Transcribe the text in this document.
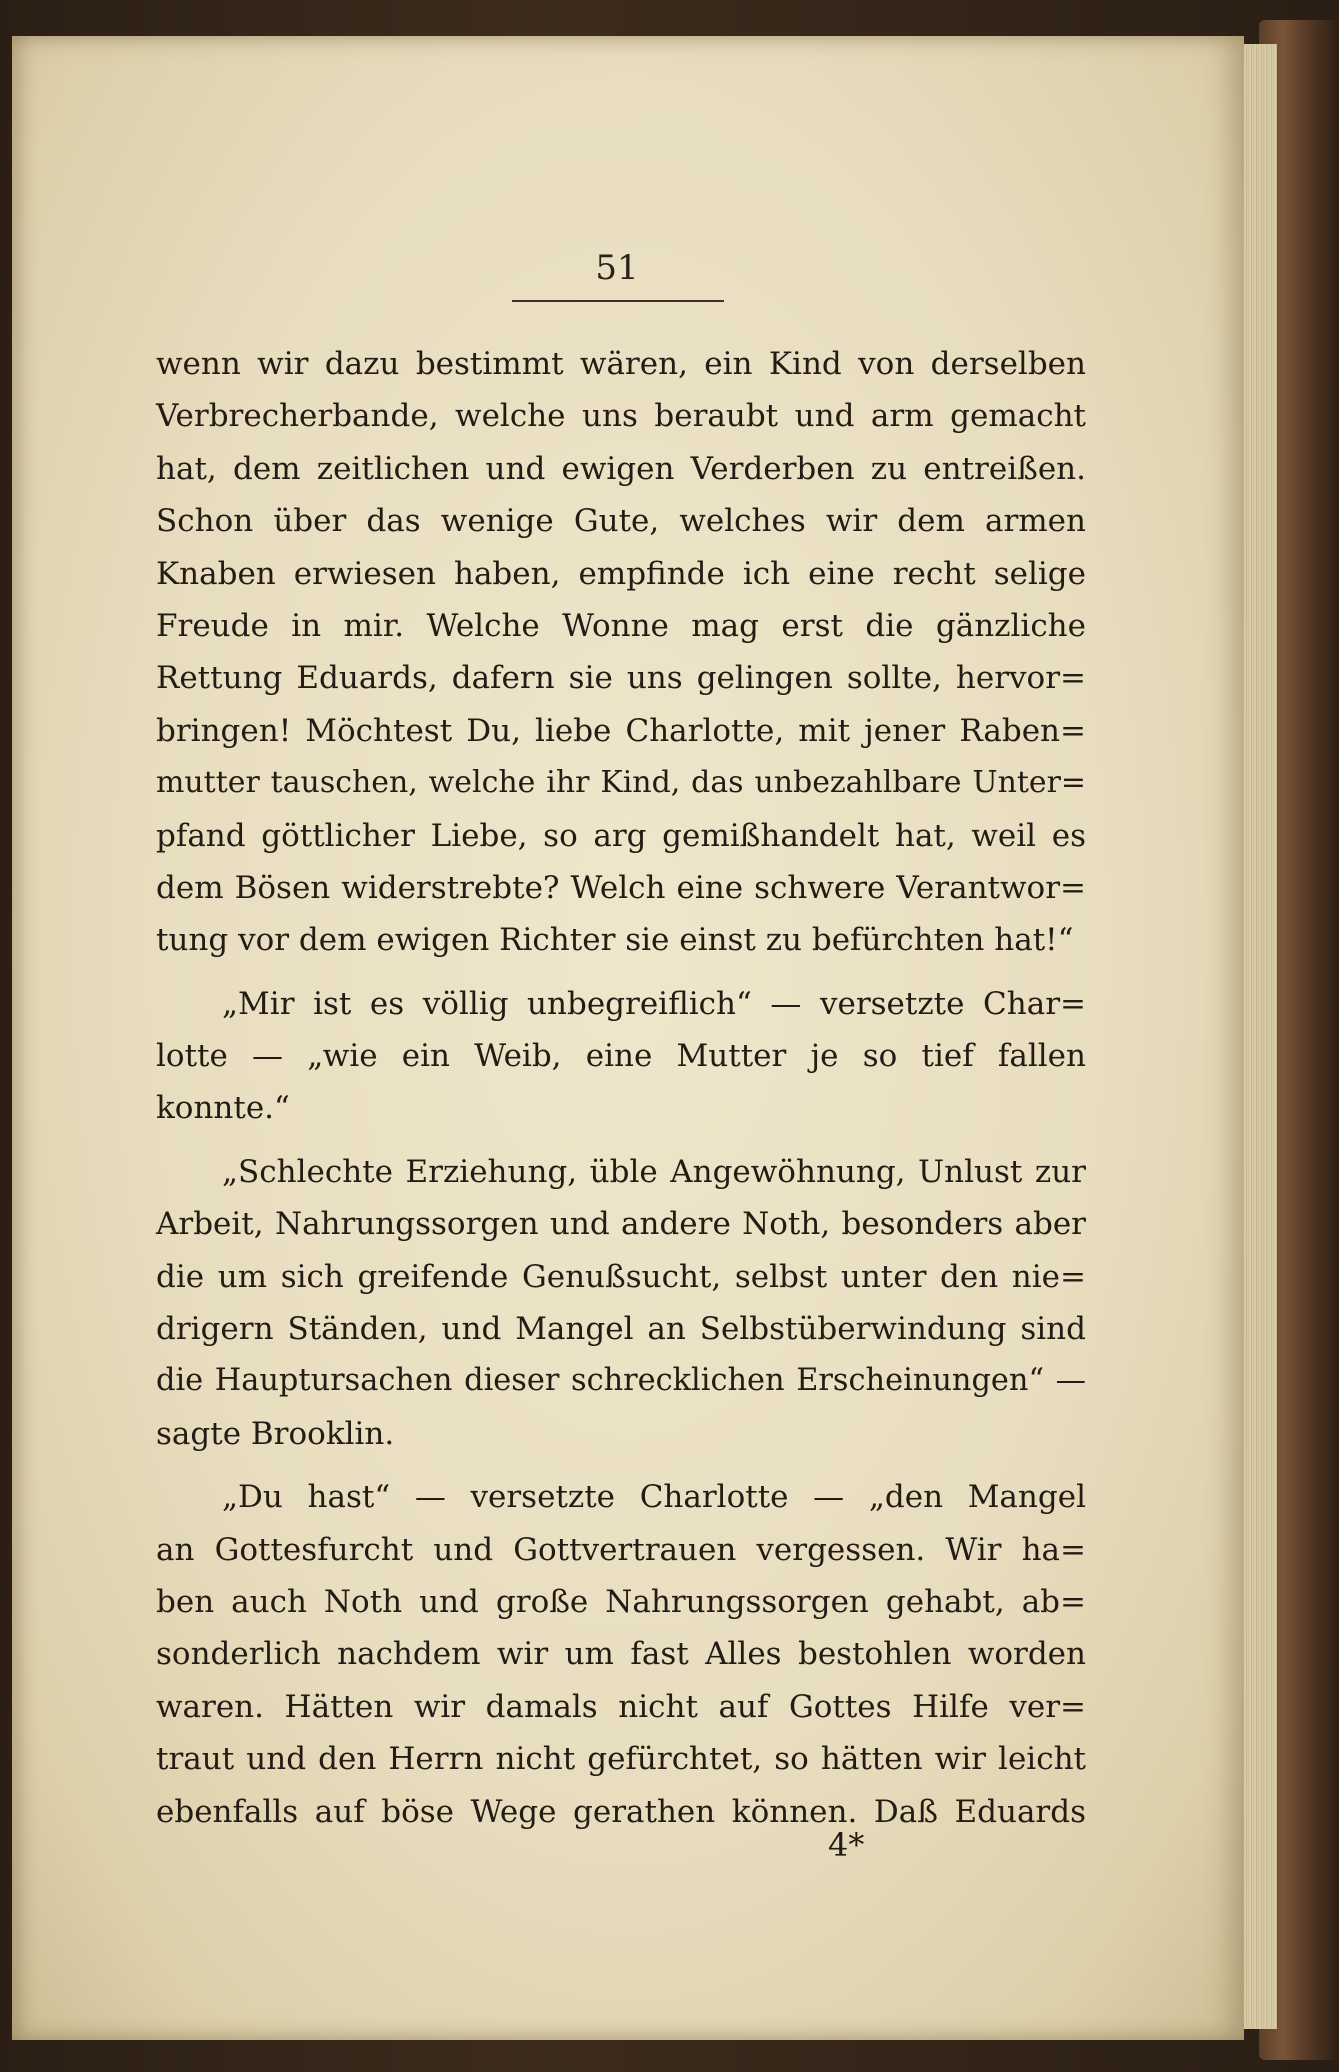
51
wenn wir dazu bestimmt wären, ein Kind von derselben
Verbrecherbande, welche uns beraubt und arm gemacht
hat, dem zeitlichen und ewigen Verderben zu entreißen.
Schon über das wenige Gute, welches wir dem armen
Knaben erwiesen haben, empfinde ich eine recht selige
Freude in mir. Welche Wonne mag erst die gänzliche
Rettung Eduards, dafern sie uns gelingen sollte, hervor=
bringen! Möchtest Du, liebe Charlotte, mit jener Raben=
mutter tauschen, welche ihr Kind, das unbezahlbare Unter=
pfand göttlicher Liebe, so arg gemißhandelt hat, weil es
dem Bösen widerstrebte? Welch eine schwere Verantwor=
tung vor dem ewigen Richter sie einst zu befürchten hat!“
„Mir ist es völlig unbegreiflich“ — versetzte Char=
lotte — „wie ein Weib, eine Mutter je so tief fallen
konnte.“
„Schlechte Erziehung, üble Angewöhnung, Unlust zur
Arbeit, Nahrungssorgen und andere Noth, besonders aber
die um sich greifende Genußsucht, selbst unter den nie=
drigern Ständen, und Mangel an Selbstüberwindung sind
die Hauptursachen dieser schrecklichen Erscheinungen“ —
sagte Brooklin.
„Du hast“ — versetzte Charlotte — „den Mangel
an Gottesfurcht und Gottvertrauen vergessen. Wir ha=
ben auch Noth und große Nahrungssorgen gehabt, ab=
sonderlich nachdem wir um fast Alles bestohlen worden
waren. Hätten wir damals nicht auf Gottes Hilfe ver=
traut und den Herrn nicht gefürchtet, so hätten wir leicht
ebenfalls auf böse Wege gerathen können. Daß Eduards
4*
